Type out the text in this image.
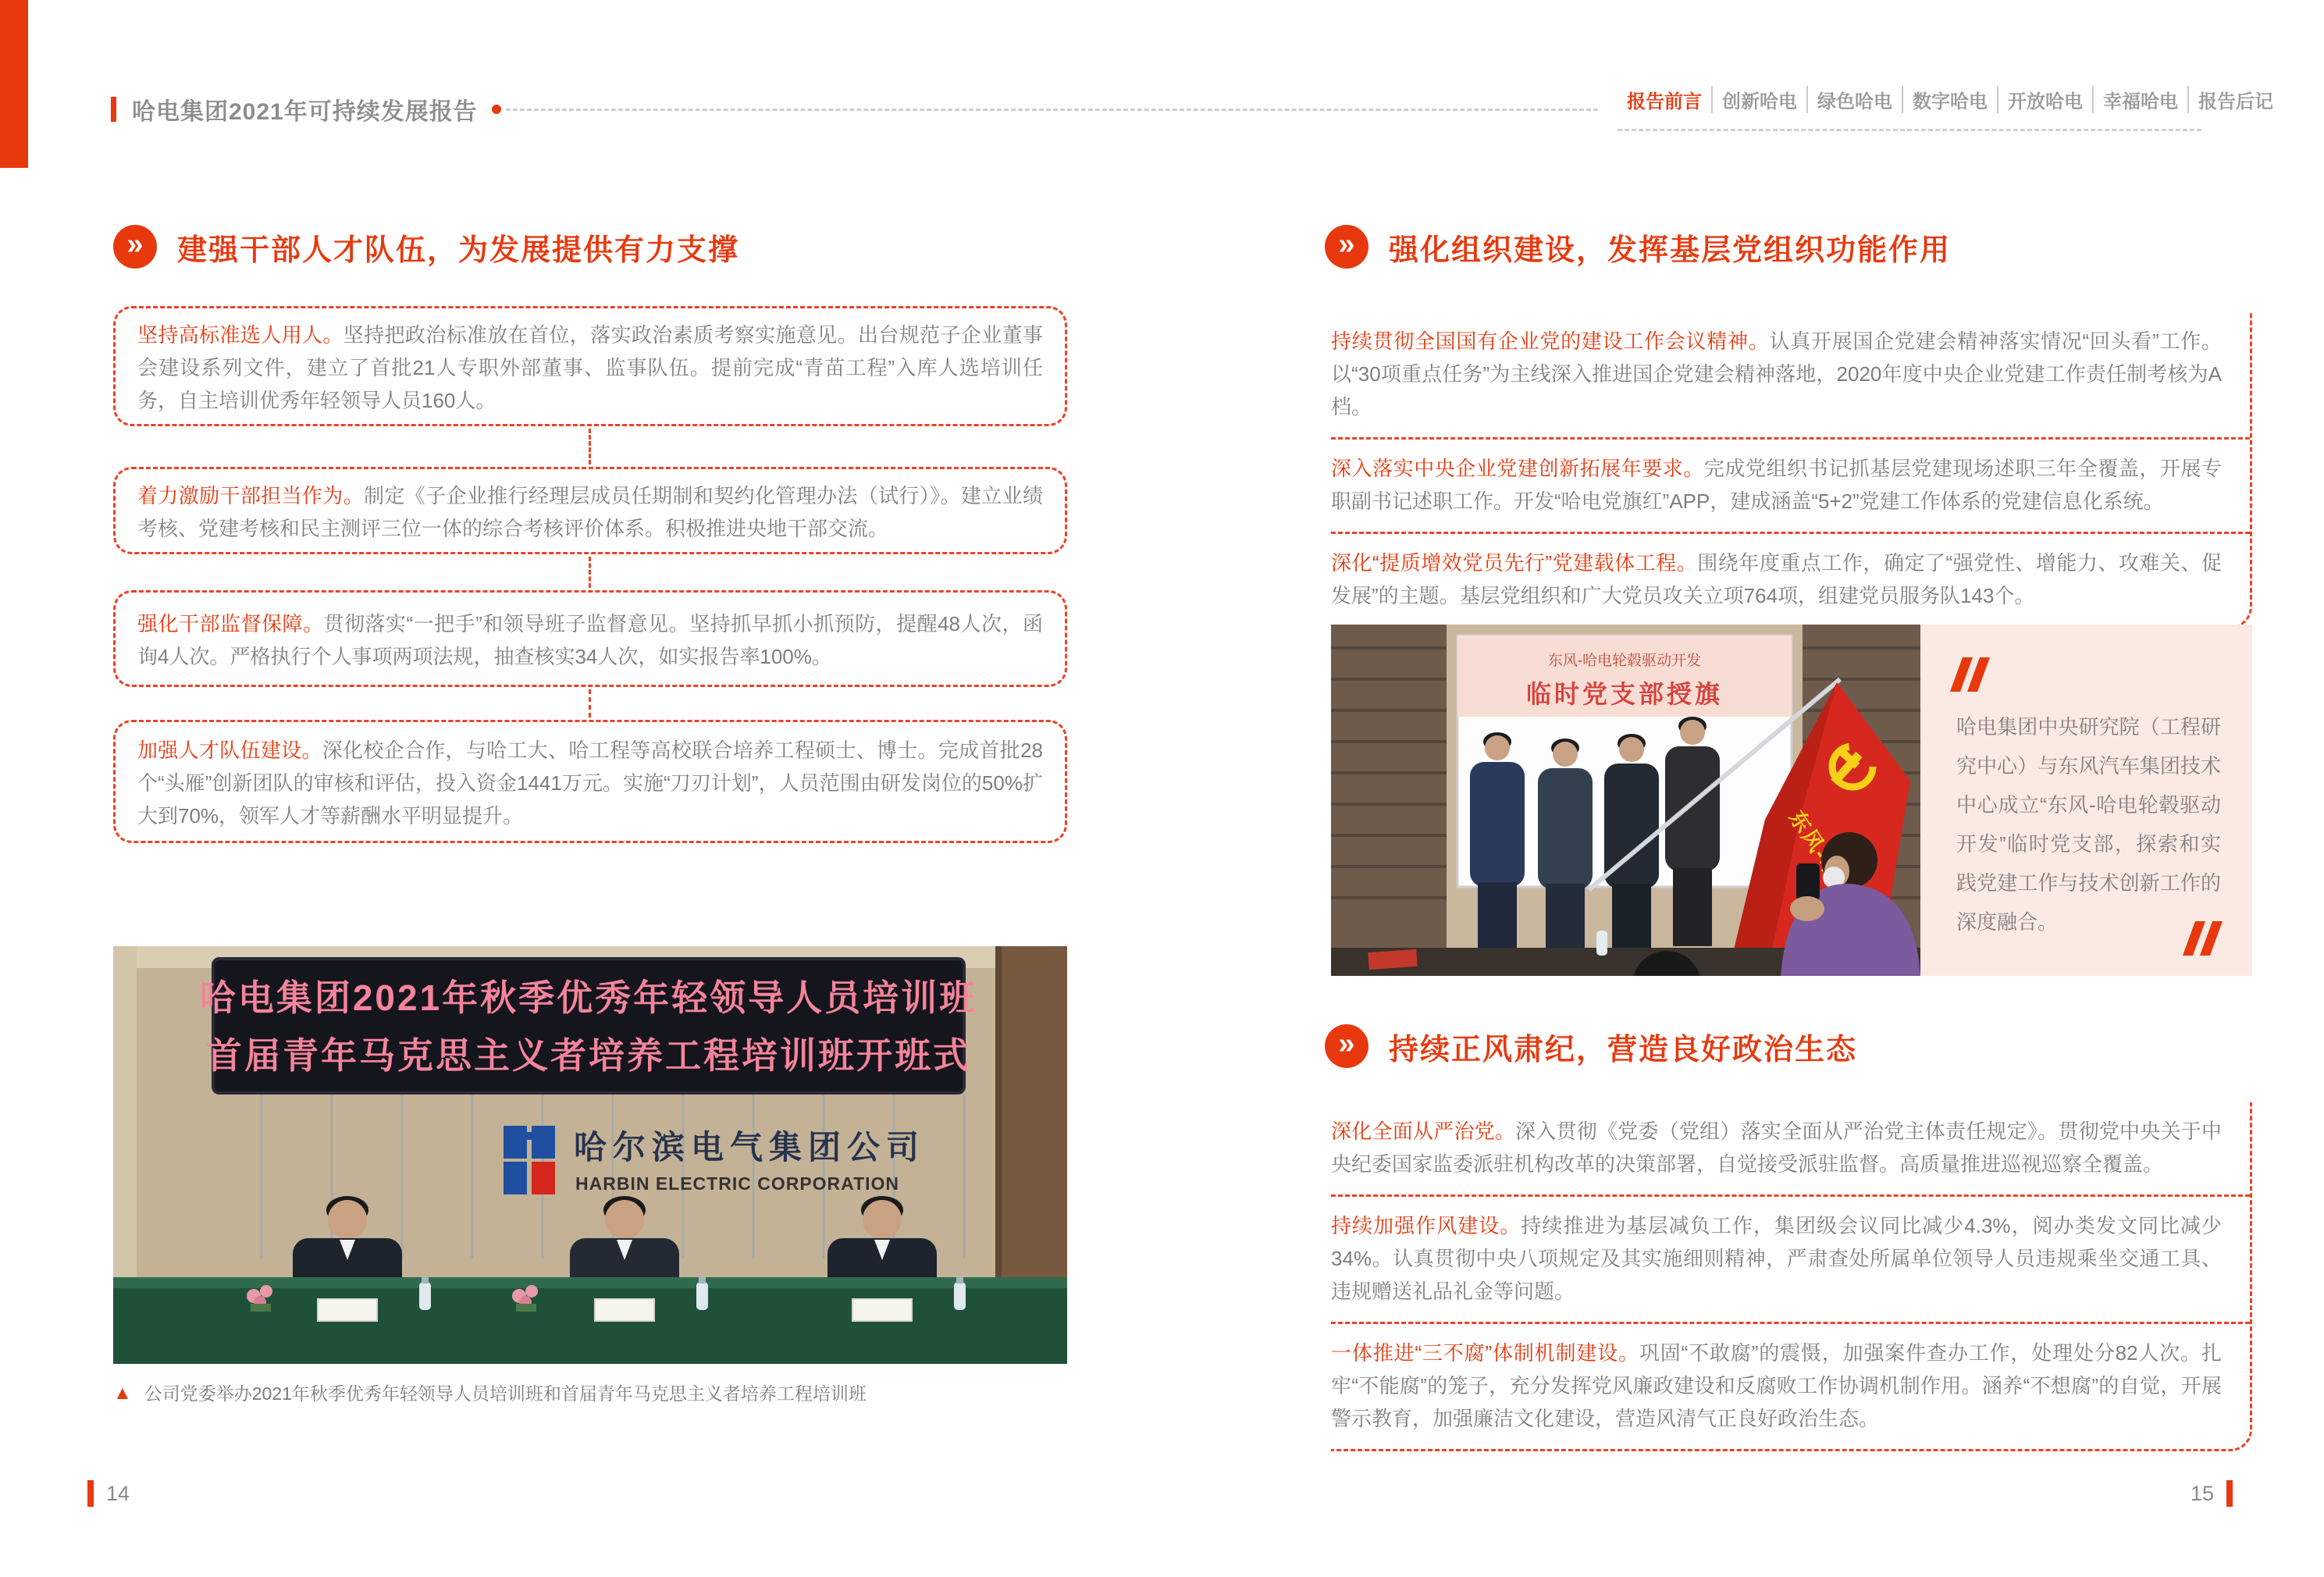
哈电集团2021年可持续发展报告	报告前言	创新哈电	绿色哈电	数字哈电	开放哈电	幸福哈电	报告后记
»	建强干部人才队伍，为发展提供有力支撑
坚持高标准选人用人。坚持把政治标准放在首位，落实政治素质考察实施意见。出台规范子企业董事会建设系列文件，建立了首批21人专职外部董事、监事队伍。提前完成“青苗工程”入库人选培训任务，自主培训优秀年轻领导人员160人。
着力激励干部担当作为。制定《子企业推行经理层成员任期制和契约化管理办法（试行）》。建立业绩考核、党建考核和民主测评三位一体的综合考核评价体系。积极推进央地干部交流。
强化干部监督保障。贯彻落实“一把手”和领导班子监督意见。坚持抓早抓小抓预防，提醒48人次，函询4人次。严格执行个人事项两项法规，抽查核实34人次，如实报告率100%。
加强人才队伍建设。深化校企合作，与哈工大、哈工程等高校联合培养工程硕士、博士。完成首批28个“头雁”创新团队的审核和评估，投入资金1441万元。实施“刀刃计划”，人员范围由研发岗位的50%扩大到70%，领军人才等薪酬水平明显提升。
哈电集团2021年秋季优秀年轻领导人员培训班
首届青年马克思主义者培养工程培训班开班式
哈尔滨电气集团公司
HARBIN ELECTRIC CORPORATION
▲ 公司党委举办2021年秋季优秀年轻领导人员培训班和首届青年马克思主义者培养工程培训班
14
»	强化组织建设，发挥基层党组织功能作用
持续贯彻全国国有企业党的建设工作会议精神。认真开展国企党建会精神落实情况“回头看”工作。以“30项重点任务”为主线深入推进国企党建会精神落地，2020年度中央企业党建工作责任制考核为A档。
深入落实中央企业党建创新拓展年要求。完成党组织书记抓基层党建现场述职三年全覆盖，开展专职副书记述职工作。开发“哈电党旗红”APP，建成涵盖“5+2”党建工作体系的党建信息化系统。
深化“提质增效党员先行”党建载体工程。围绕年度重点工作，确定了“强党性、增能力、攻难关、促发展”的主题。基层党组织和广大党员攻关立项764项，组建党员服务队143个。
东风-哈电轮毂驱动开发
临时党支部授旗
哈电集团中央研究院（工程研究中心）与东风汽车集团技术中心成立“东风-哈电轮毂驱动开发”临时党支部，探索和实践党建工作与技术创新工作的深度融合。
»	持续正风肃纪，营造良好政治生态
深化全面从严治党。深入贯彻《党委（党组）落实全面从严治党主体责任规定》。贯彻党中央关于中央纪委国家监委派驻机构改革的决策部署，自觉接受派驻监督。高质量推进巡视巡察全覆盖。
持续加强作风建设。持续推进为基层减负工作，集团级会议同比减少4.3%，阅办类发文同比减少34%。认真贯彻中央八项规定及其实施细则精神，严肃查处所属单位领导人员违规乘坐交通工具、违规赠送礼品礼金等问题。
一体推进“三不腐”体制机制建设。巩固“不敢腐”的震慑，加强案件查办工作，处理处分82人次。扎牢“不能腐”的笼子，充分发挥党风廉政建设和反腐败工作协调机制作用。涵养“不想腐”的自觉，开展警示教育，加强廉洁文化建设，营造风清气正良好政治生态。
15
